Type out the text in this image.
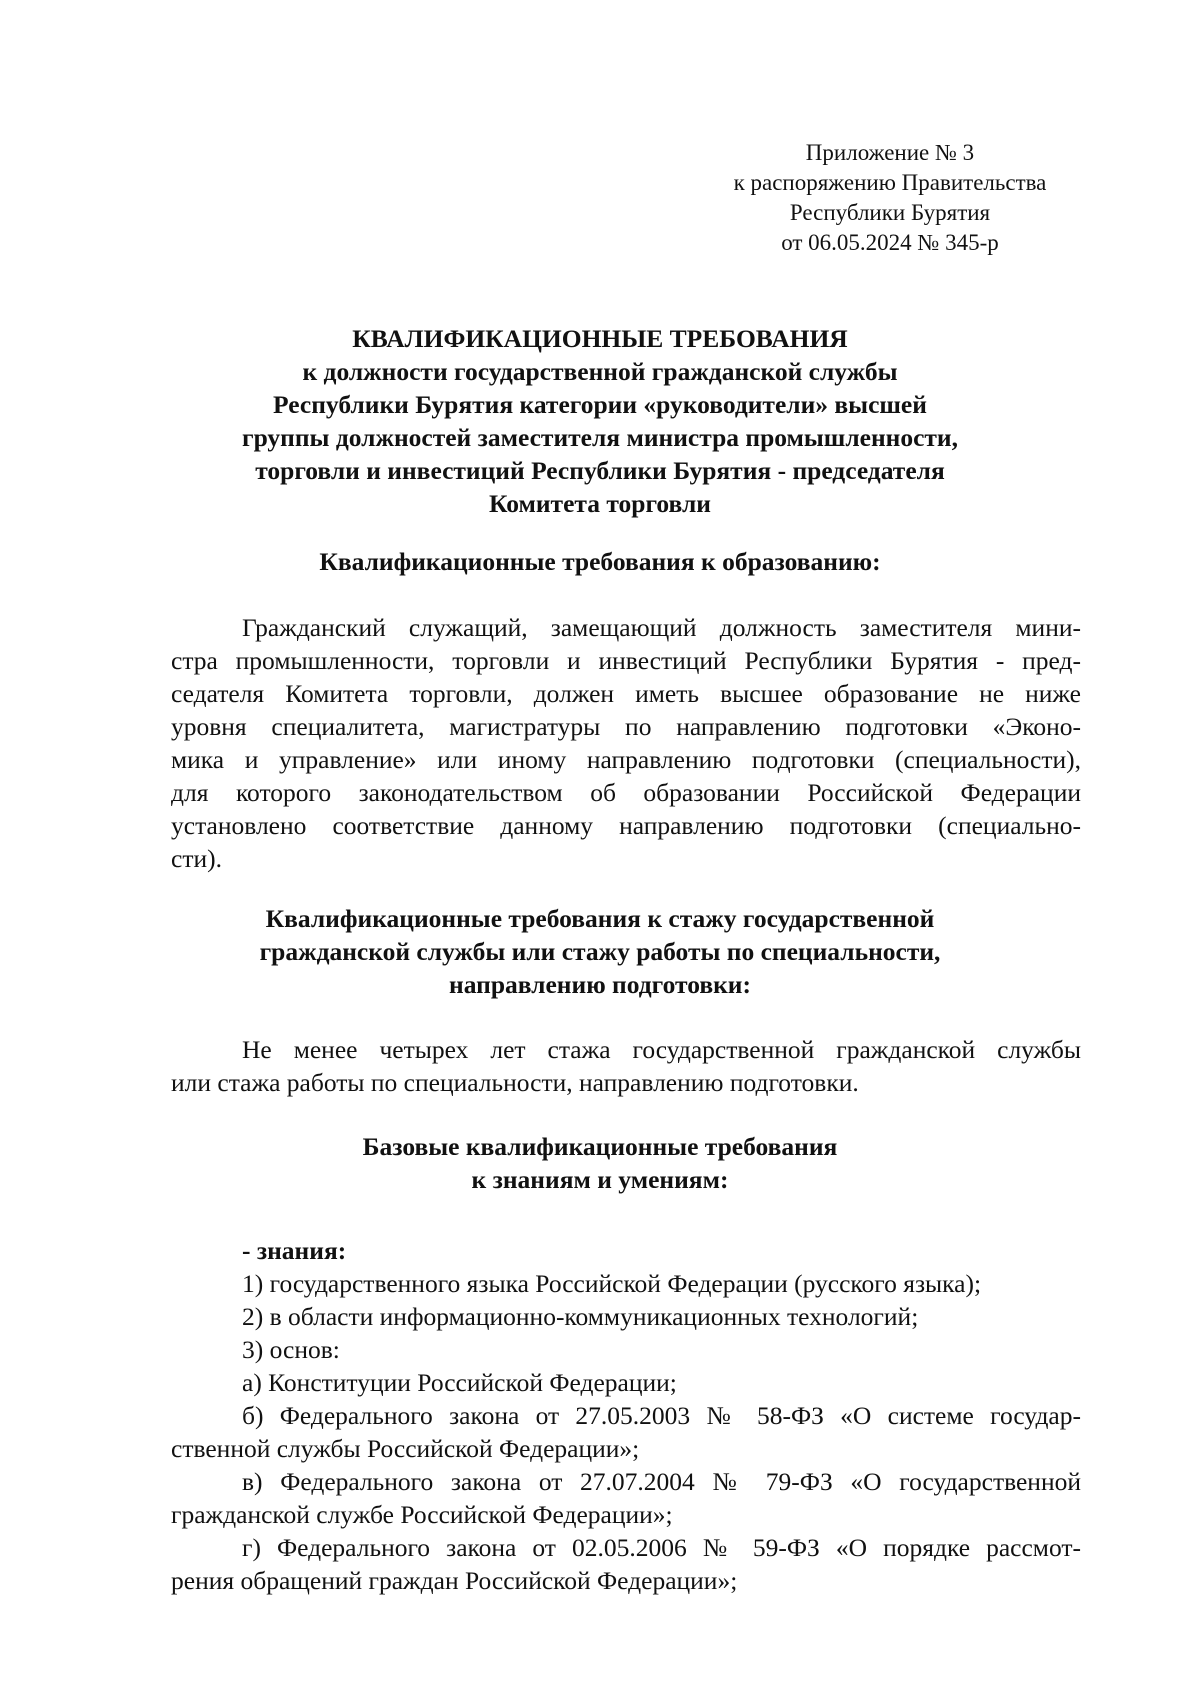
Приложение № 3
к распоряжению Правительства
Республики Бурятия
от 06.05.2024 № 345-р
КВАЛИФИКАЦИОННЫЕ ТРЕБОВАНИЯ
к должности государственной гражданской службы
Республики Бурятия категории «руководители» высшей
группы должностей заместителя министра промышленности,
торговли и инвестиций Республики Бурятия - председателя
Комитета торговли
Квалификационные требования к образованию:
Гражданский служащий, замещающий должность заместителя мини-
стра промышленности, торговли и инвестиций Республики Бурятия - пред-
седателя Комитета торговли, должен иметь высшее образование не ниже
уровня специалитета, магистратуры по направлению подготовки «Эконо-
мика и управление» или иному направлению подготовки (специальности),
для которого законодательством об образовании Российской Федерации
установлено соответствие данному направлению подготовки (специально-
сти).
Квалификационные требования к стажу государственной
гражданской службы или стажу работы по специальности,
направлению подготовки:
Не менее четырех лет стажа государственной гражданской службы
или стажа работы по специальности, направлению подготовки.
Базовые квалификационные требования
к знаниям и умениям:
- знания:
1) государственного языка Российской Федерации (русского языка);
2) в области информационно-коммуникационных технологий;
3) основ:
а) Конституции Российской Федерации;
б) Федерального закона от 27.05.2003 № 58-ФЗ «О системе государ-
ственной службы Российской Федерации»;
в) Федерального закона от 27.07.2004 № 79-ФЗ «О государственной
гражданской службе Российской Федерации»;
г) Федерального закона от 02.05.2006 № 59-ФЗ «О порядке рассмот-
рения обращений граждан Российской Федерации»;
